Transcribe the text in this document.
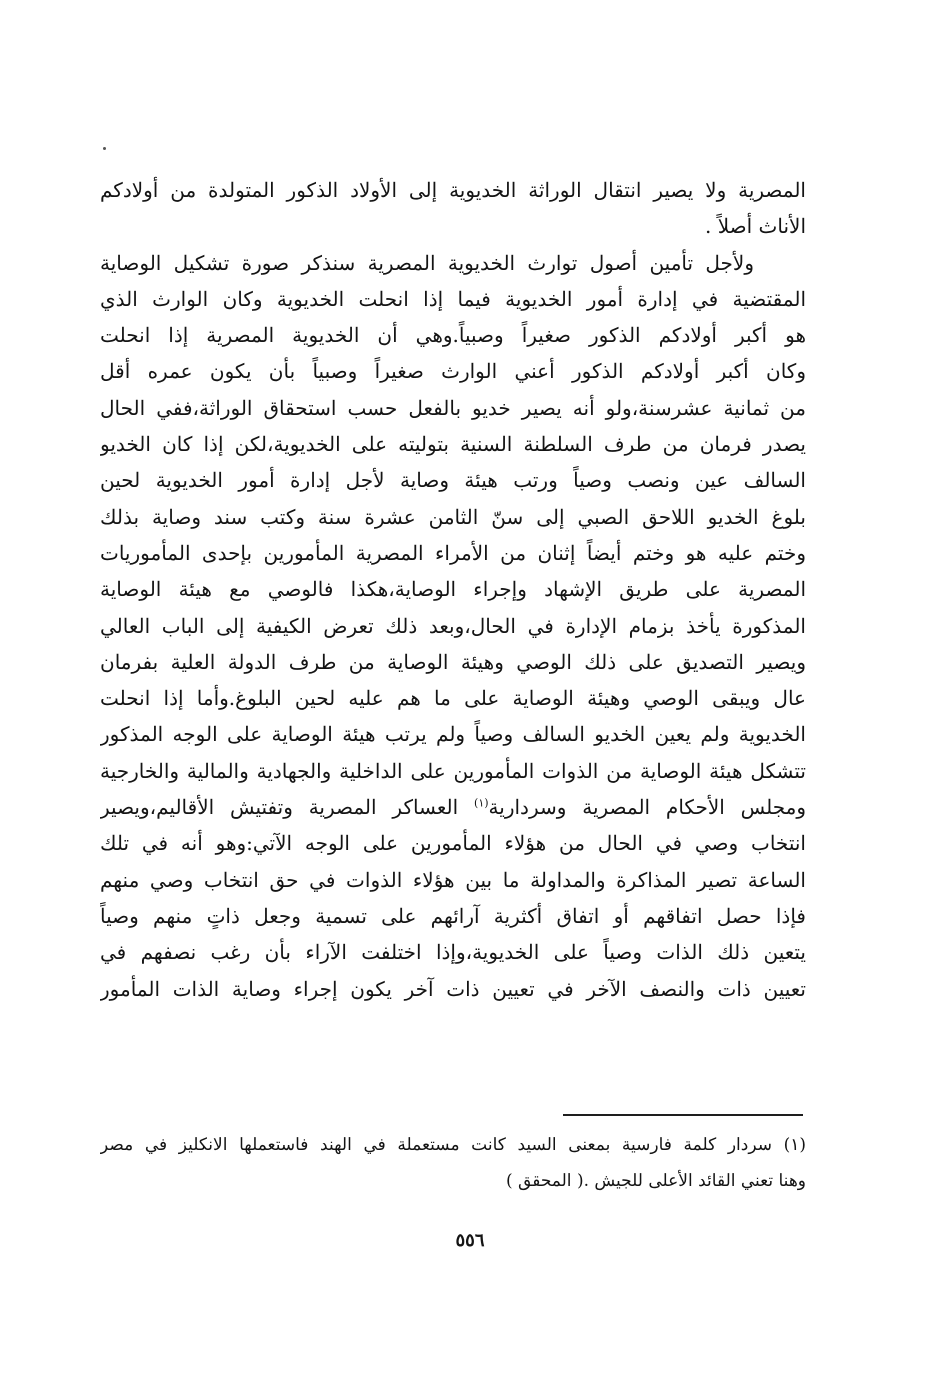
المصرية ولا يصير انتقال الوراثة الخديوية إلى الأولاد الذكور المتولدة من أولادكم
الأناث أصلاً .
ولأجل تأمين أصول توارث الخديوية المصرية سنذكر صورة تشكيل الوصاية
المقتضية في إدارة أمور الخديوية فيما إذا انحلت الخديوية وكان الوارث الذي
هو أكبر أولادكم الذكور صغيراً وصبياً.وهي أن الخديوية المصرية إذا انحلت
وكان أكبر أولادكم الذكور أعني الوارث صغيراً وصبياً بأن يكون عمره أقل
من ثمانية عشرسنة،ولو أنه يصير خديو بالفعل حسب استحقاق الوراثة،ففي الحال
يصدر فرمان من طرف السلطنة السنية بتوليته على الخديوية،لكن إذا كان الخديو
السالف عين ونصب وصياً ورتب هيئة وصاية لأجل إدارة أمور الخديوية لحين
بلوغ الخديو اللاحق الصبي إلى سنّ الثامن عشرة سنة وكتب سند وصاية بذلك
وختم عليه هو وختم أيضاً إثنان من الأمراء المصرية المأمورين بإحدى المأموريات
المصرية على طريق الإشهاد وإجراء الوصاية،هكذا فالوصي مع هيئة الوصاية
المذكورة يأخذ بزمام الإدارة في الحال،وبعد ذلك تعرض الكيفية إلى الباب العالي
ويصير التصديق على ذلك الوصي وهيئة الوصاية من طرف الدولة العلية بفرمان
عال ويبقى الوصي وهيئة الوصاية على ما هم عليه لحين البلوغ.وأما إذا انحلت
الخديوية ولم يعين الخديو السالف وصياً ولم يرتب هيئة الوصاية على الوجه المذكور
تتشكل هيئة الوصاية من الذوات المأمورين على الداخلية والجهادية والمالية والخارجية
ومجلس الأحكام المصرية وسردارية$^{(١)}$ العساكر المصرية وتفتيش الأقاليم،ويصير
انتخاب وصي في الحال من هؤلاء المأمورين على الوجه الآتي:وهو أنه في تلك
الساعة تصير المذاكرة والمداولة ما بين هؤلاء الذوات في حق انتخاب وصي منهم
فإذا حصل اتفاقهم أو اتفاق أكثرية آرائهم على تسمية وجعل ذاتٍ منهم وصياً
يتعين ذلك الذات وصياً على الخديوية،وإذا اختلفت الآراء بأن رغب نصفهم في
تعيين ذات والنصف الآخر في تعيين ذات آخر يكون إجراء وصاية الذات المأمور
(١) سردار كلمة فارسية بمعنى السيد كانت مستعملة في الهند فاستعملها الانكليز في مصر
وهنا تعني القائد الأعلى للجيش .( المحقق )
٥٥٦
